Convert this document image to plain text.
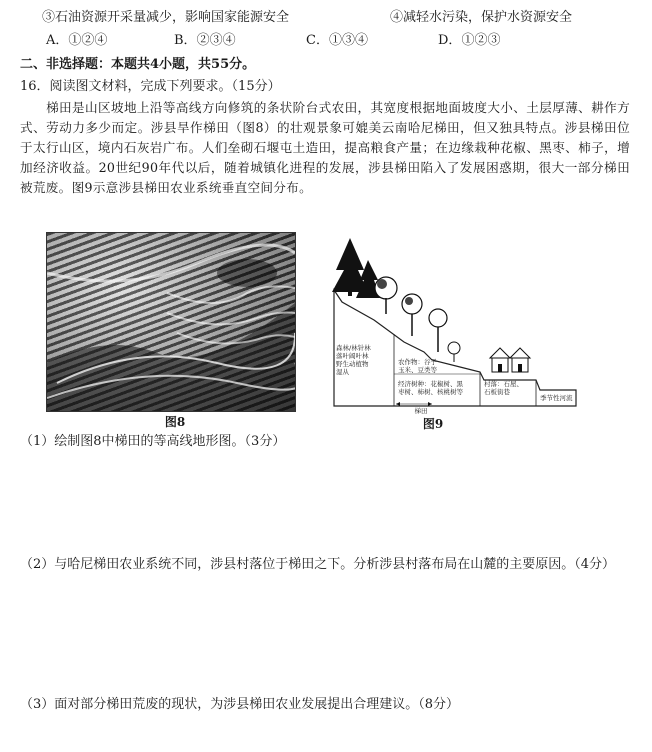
③石油资源开采量减少，影响国家能源安全	④减轻水污染，保护水资源安全
A．①②④	B．②③④	C．①③④	D．①②③
二、非选择题：本题共4小题，共55分。
16．阅读图文材料，完成下列要求。（15分）
梯田是山区坡地上沿等高线方向修筑的条状阶台式农田，其宽度根据地面坡度大小、土层厚薄、耕作方式、劳动力多少而定。涉县旱作梯田（图8）的壮观景象可媲美云南哈尼梯田，但又独具特点。涉县梯田位于太行山区，境内石灰岩广布。人们垒砌石堰屯土造田，提高粮食产量；在边缘栽种花椒、黑枣、柿子，增加经济收益。20世纪90年代以后，随着城镇化进程的发展，涉县梯田陷入了发展困惑期，很大一部分梯田被荒废。图9示意涉县梯田农业系统垂直空间分布。
图8
森林/林针林
落叶阔叶林
野生动植物
湿从
农作物：谷子
玉米、豆类等
经济树种：花椒树、黑
枣树、柿树、核桃树等
村落：石屋、
石板街巷
季节性河流
梯田
图9
（1）绘制图8中梯田的等高线地形图。（3分）
（2）与哈尼梯田农业系统不同，涉县村落位于梯田之下。分析涉县村落布局在山麓的主要原因。（4分）
（3）面对部分梯田荒废的现状，为涉县梯田农业发展提出合理建议。（8分）
